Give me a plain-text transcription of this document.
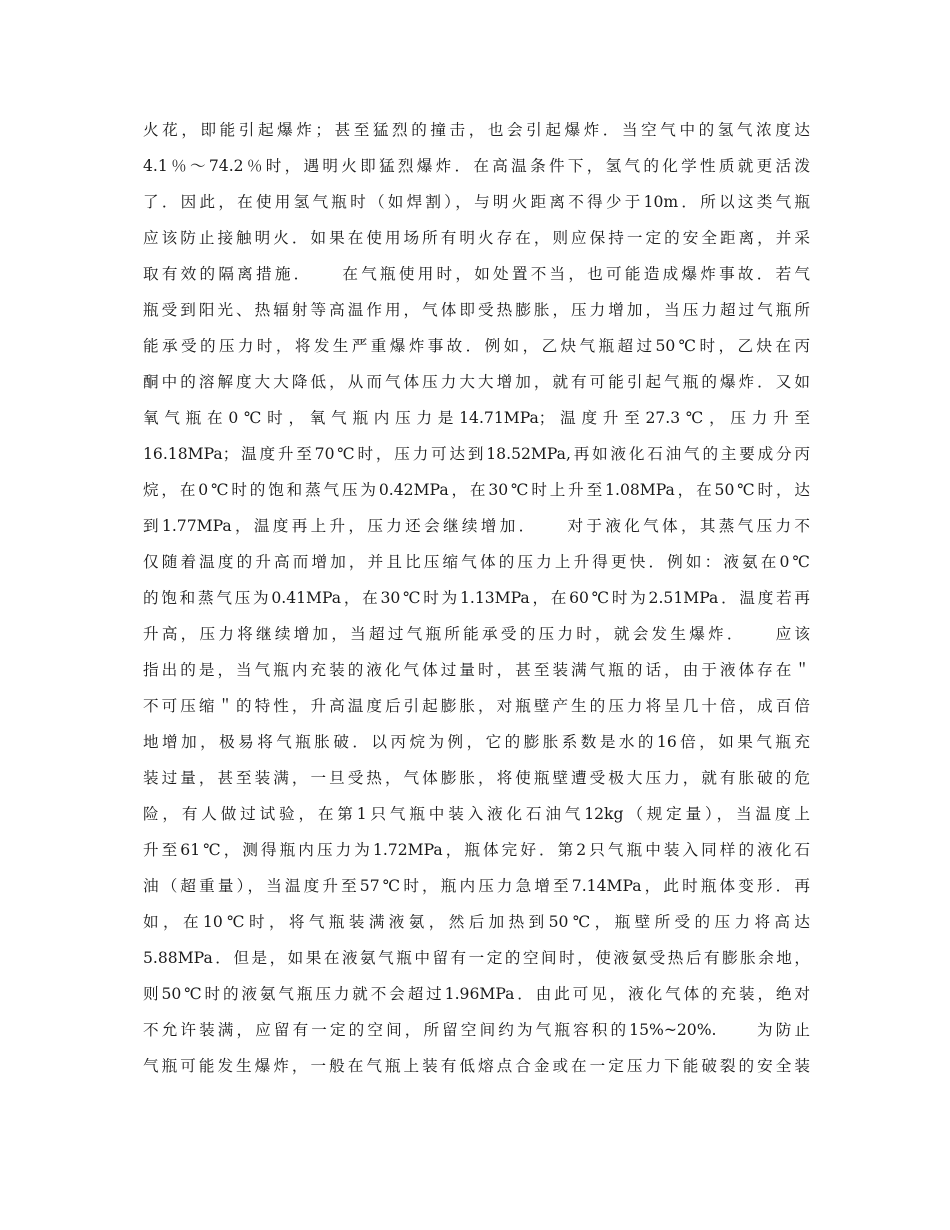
火花，即能引起爆炸；甚至猛烈的撞击，也会引起爆炸．当空气中的氢气浓度达
4.1％～74.2％时，遇明火即猛烈爆炸．在高温条件下，氢气的化学性质就更活泼
了．因此，在使用氢气瓶时（如焊割），与明火距离不得少于10m．所以这类气瓶
应该防止接触明火．如果在使用场所有明火存在，则应保持一定的安全距离，并采
取有效的隔离措施．　　在气瓶使用时，如处置不当，也可能造成爆炸事故．若气
瓶受到阳光、热辐射等高温作用，气体即受热膨胀，压力增加，当压力超过气瓶所
能承受的压力时，将发生严重爆炸事故．例如，乙炔气瓶超过50℃时，乙炔在丙
酮中的溶解度大大降低，从而气体压力大大增加，就有可能引起气瓶的爆炸．又如
氧气瓶在0℃时，氧气瓶内压力是14.71MPa；温度升至27.3℃，压力升至
16.18MPa；温度升至70℃时，压力可达到18.52MPa,再如液化石油气的主要成分丙
烷，在0℃时的饱和蒸气压为0.42MPa，在30℃时上升至1.08MPa，在50℃时，达
到1.77MPa，温度再上升，压力还会继续增加．　　对于液化气体，其蒸气压力不
仅随着温度的升高而增加，并且比压缩气体的压力上升得更快．例如：液氨在0℃
的饱和蒸气压为0.41MPa，在30℃时为1.13MPa，在60℃时为2.51MPa．温度若再
升高，压力将继续增加，当超过气瓶所能承受的压力时，就会发生爆炸．　　应该
指出的是，当气瓶内充装的液化气体过量时，甚至装满气瓶的话，由于液体存在＂
不可压缩＂的特性，升高温度后引起膨胀，对瓶壁产生的压力将呈几十倍，成百倍
地增加，极易将气瓶胀破．以丙烷为例，它的膨胀系数是水的16倍，如果气瓶充
装过量，甚至装满，一旦受热，气体膨胀，将使瓶壁遭受极大压力，就有胀破的危
险，有人做过试验，在第1只气瓶中装入液化石油气12kg（规定量），当温度上
升至61℃，测得瓶内压力为1.72MPa，瓶体完好．第2只气瓶中装入同样的液化石
油（超重量），当温度升至57℃时，瓶内压力急增至7.14MPa，此时瓶体变形．再
如，在10℃时，将气瓶装满液氨，然后加热到50℃，瓶壁所受的压力将高达
5.88MPa．但是，如果在液氨气瓶中留有一定的空间时，使液氨受热后有膨胀余地，
则50℃时的液氨气瓶压力就不会超过1.96MPa．由此可见，液化气体的充装，绝对
不允许装满，应留有一定的空间，所留空间约为气瓶容积的15%~20%.　　为防止
气瓶可能发生爆炸，一般在气瓶上装有低熔点合金或在一定压力下能破裂的安全装
